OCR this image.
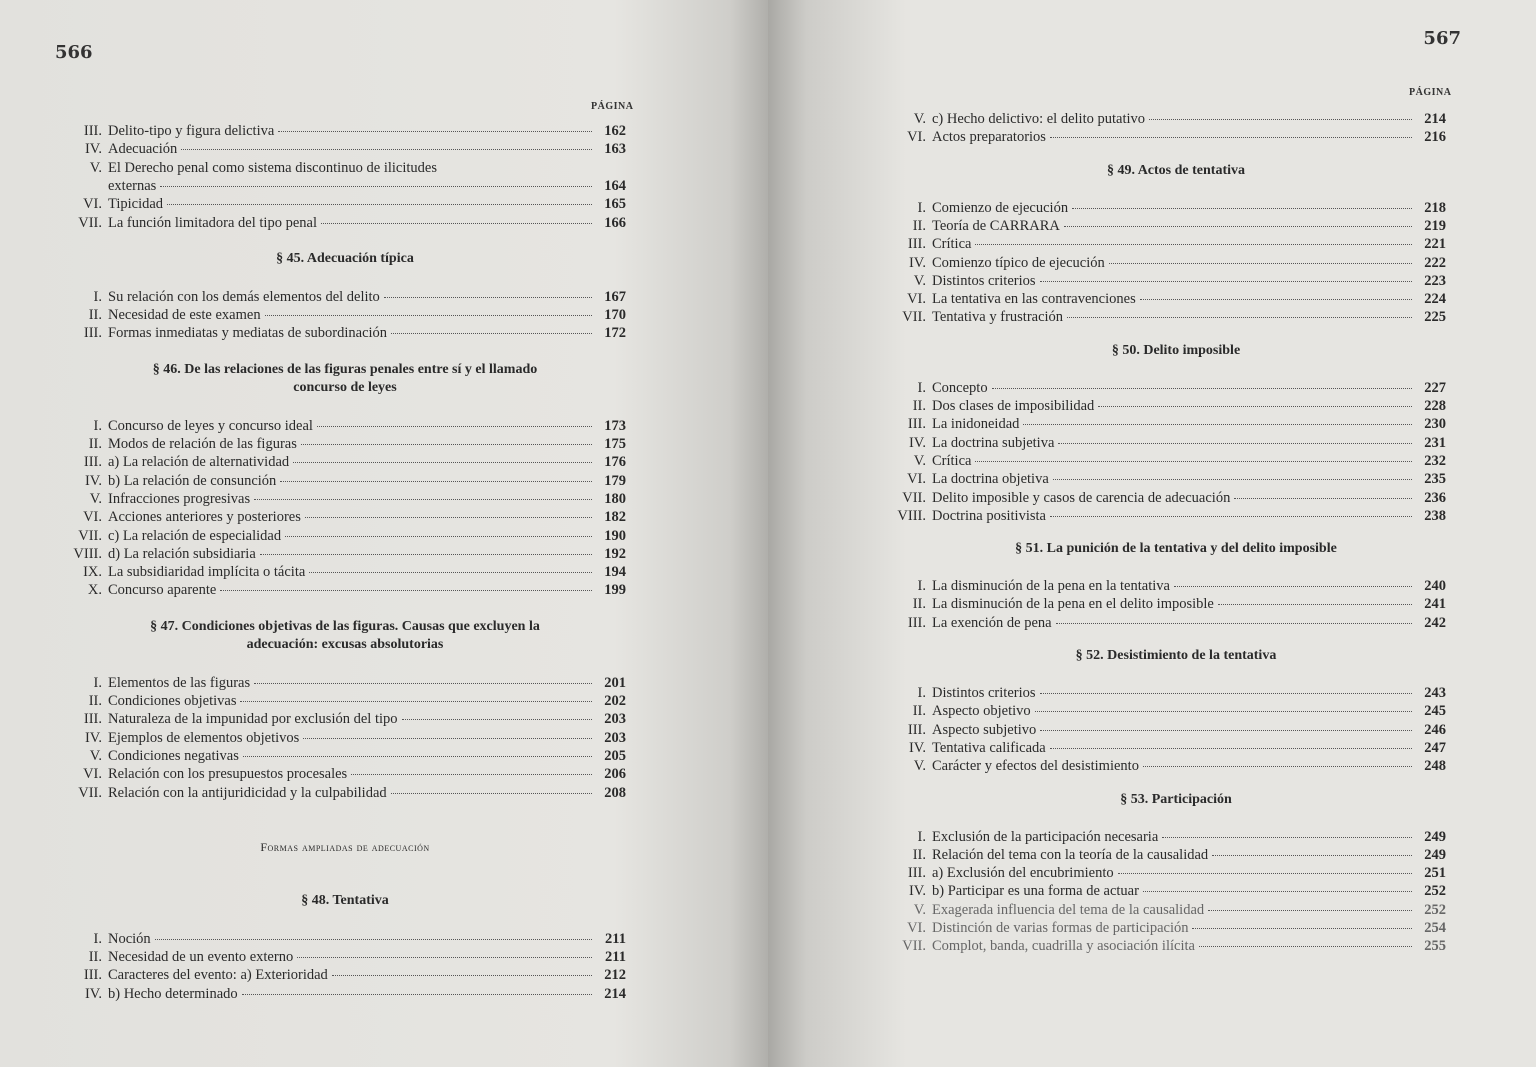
566
PÁGINA
III. Delito-tipo y figura delictiva	162
IV. Adecuación	163
V. El Derecho penal como sistema discontinuo de ilicitudes
externas	164
VI. Tipicidad	165
VII. La función limitadora del tipo penal	166
§ 45. Adecuación típica
I. Su relación con los demás elementos del delito	167
II. Necesidad de este examen	170
III. Formas inmediatas y mediatas de subordinación	172
§ 46. De las relaciones de las figuras penales entre sí y el llamado
concurso de leyes
I. Concurso de leyes y concurso ideal	173
II. Modos de relación de las figuras	175
III. a) La relación de alternatividad	176
IV. b) La relación de consunción	179
V. Infracciones progresivas	180
VI. Acciones anteriores y posteriores	182
VII. c) La relación de especialidad	190
VIII. d) La relación subsidiaria	192
IX. La subsidiaridad implícita o tácita	194
X. Concurso aparente	199
§ 47. Condiciones objetivas de las figuras. Causas que excluyen la
adecuación: excusas absolutorias
I. Elementos de las figuras	201
II. Condiciones objetivas	202
III. Naturaleza de la impunidad por exclusión del tipo	203
IV. Ejemplos de elementos objetivos	203
V. Condiciones negativas	205
VI. Relación con los presupuestos procesales	206
VII. Relación con la antijuridicidad y la culpabilidad	208
Formas ampliadas de adecuación
§ 48. Tentativa
I. Noción	211
II. Necesidad de un evento externo	211
III. Caracteres del evento: a) Exterioridad	212
IV. b) Hecho determinado	214
567
PÁGINA
V. c) Hecho delictivo: el delito putativo	214
VI. Actos preparatorios	216
§ 49. Actos de tentativa
I. Comienzo de ejecución	218
II. Teoría de CARRARA	219
III. Crítica	221
IV. Comienzo típico de ejecución	222
V. Distintos criterios	223
VI. La tentativa en las contravenciones	224
VII. Tentativa y frustración	225
§ 50. Delito imposible
I. Concepto	227
II. Dos clases de imposibilidad	228
III. La inidoneidad	230
IV. La doctrina subjetiva	231
V. Crítica	232
VI. La doctrina objetiva	235
VII. Delito imposible y casos de carencia de adecuación	236
VIII. Doctrina positivista	238
§ 51. La punición de la tentativa y del delito imposible
I. La disminución de la pena en la tentativa	240
II. La disminución de la pena en el delito imposible	241
III. La exención de pena	242
§ 52. Desistimiento de la tentativa
I. Distintos criterios	243
II. Aspecto objetivo	245
III. Aspecto subjetivo	246
IV. Tentativa calificada	247
V. Carácter y efectos del desistimiento	248
§ 53. Participación
I. Exclusión de la participación necesaria	249
II. Relación del tema con la teoría de la causalidad	249
III. a) Exclusión del encubrimiento	251
IV. b) Participar es una forma de actuar	252
V. Exagerada influencia del tema de la causalidad	252
VI. Distinción de varias formas de participación	254
VII. Complot, banda, cuadrilla y asociación ilícita	255
